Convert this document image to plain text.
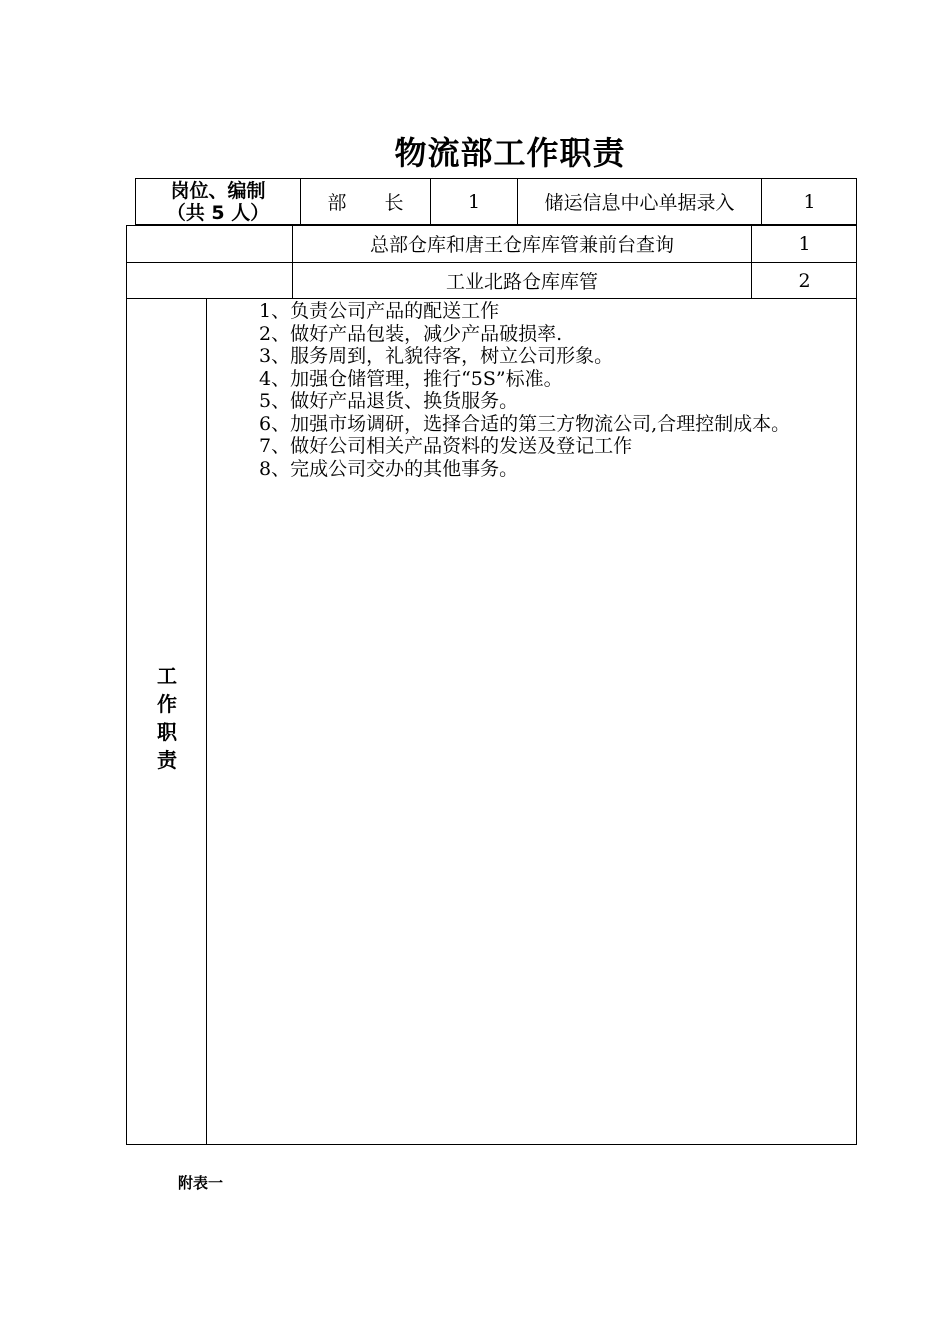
物流部工作职责
岗位、编制
（共 5 人）	部　　长	1	储运信息中心单据录入	1
总部仓库和唐王仓库库管兼前台查询	1
工业北路仓库库管	2
工
作
职
责

1、负责公司产品的配送工作

2、做好产品包装，减少产品破损率.

3、服务周到，礼貌待客，树立公司形象。

4、加强仓储管理，推行“5S”标准。

5、做好产品退货、换货服务。

6、加强市场调研，选择合适的第三方物流公司,合理控制成本。

7、做好公司相关产品资料的发送及登记工作

8、完成公司交办的其他事务。

附表一
